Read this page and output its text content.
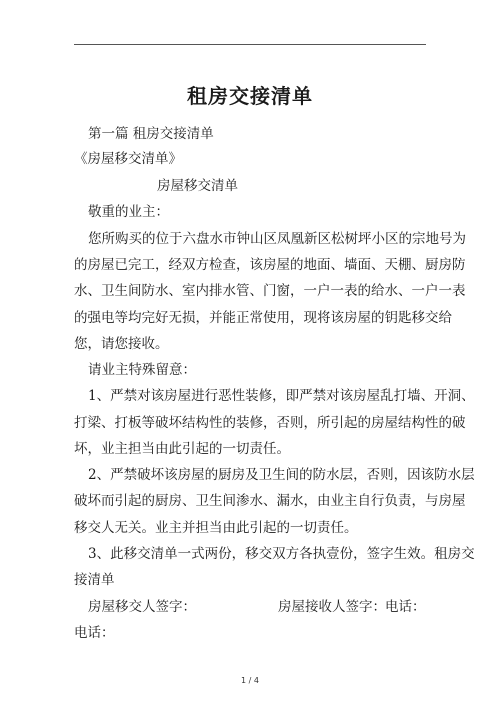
租房交接清单
第一篇 租房交接清单
《房屋移交清单》
房屋移交清单
敬重的业主：
您所购买的位于六盘水市钟山区凤凰新区松树坪小区的宗地号为
的房屋已完工，经双方检查，该房屋的地面、墙面、天棚、厨房防
水、卫生间防水、室内排水管、门窗，一户一表的给水、一户一表
的强电等均完好无损，并能正常使用，现将该房屋的钥匙移交给
您，请您接收。
请业主特殊留意：
1、严禁对该房屋进行恶性装修，即严禁对该房屋乱打墙、开洞、
打梁、打板等破坏结构性的装修，否则，所引起的房屋结构性的破
坏，业主担当由此引起的一切责任。
2、严禁破坏该房屋的厨房及卫生间的防水层，否则，因该防水层
破坏而引起的厨房、卫生间渗水、漏水，由业主自行负责，与房屋
移交人无关。业主并担当由此引起的一切责任。
3、此移交清单一式两份，移交双方各执壹份，签字生效。租房交
接清单
房屋移交人签字：	房屋接收人签字： 电话：
电话：
1 / 4
